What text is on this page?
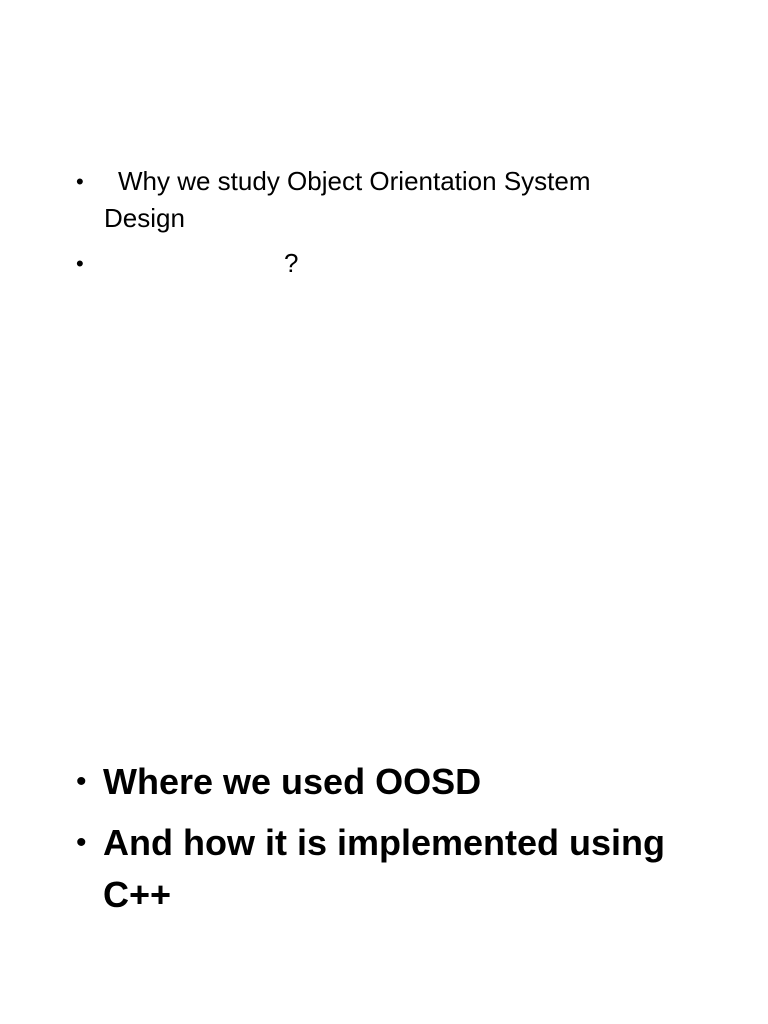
•	Why we study Object Orientation System Design
•	?
• Where we used OOSD
• And how it is implemented using C++
